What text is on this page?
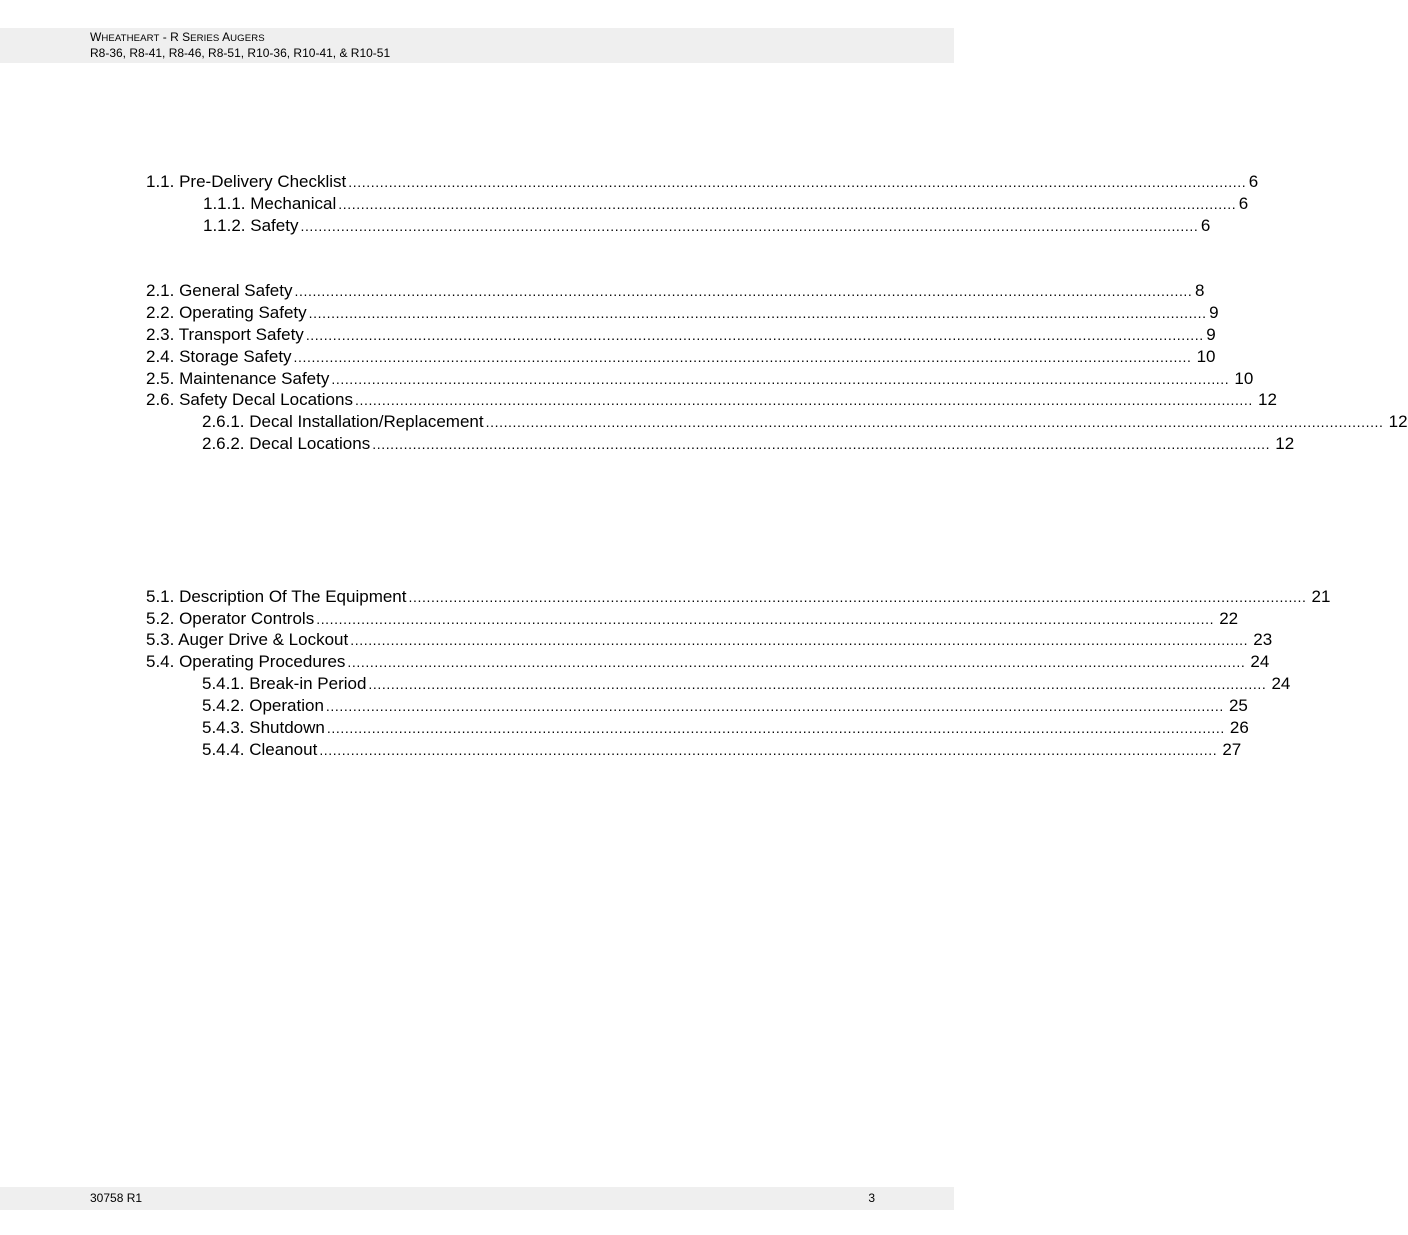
WHEATHEART - R SERIES AUGERS
R8-36, R8-41, R8-46, R8-51, R10-36, R10-41, & R10-51
1.1. Pre-Delivery Checklist ........................................................................................................................................................................................................ 6
1.1.1. Mechanical ........................................................................................................................................................................................................ 6
1.1.2. Safety ........................................................................................................................................................................................................ 6
2.1. General Safety ........................................................................................................................................................................................................ 8
2.2. Operating Safety ........................................................................................................................................................................................................ 9
2.3. Transport Safety ........................................................................................................................................................................................................ 9
2.4. Storage Safety ........................................................................................................................................................................................................ 10
2.5. Maintenance Safety ........................................................................................................................................................................................................ 10
2.6. Safety Decal Locations ........................................................................................................................................................................................................ 12
2.6.1. Decal Installation/Replacement ........................................................................................................................................................................................................ 12
2.6.2. Decal Locations ........................................................................................................................................................................................................ 12
5.1. Description Of The Equipment ........................................................................................................................................................................................................ 21
5.2. Operator Controls ........................................................................................................................................................................................................ 22
5.3. Auger Drive & Lockout ........................................................................................................................................................................................................ 23
5.4. Operating Procedures ........................................................................................................................................................................................................ 24
5.4.1. Break-in Period ........................................................................................................................................................................................................ 24
5.4.2. Operation ........................................................................................................................................................................................................ 25
5.4.3. Shutdown ........................................................................................................................................................................................................ 26
5.4.4. Cleanout ........................................................................................................................................................................................................ 27
30758 R1	3
